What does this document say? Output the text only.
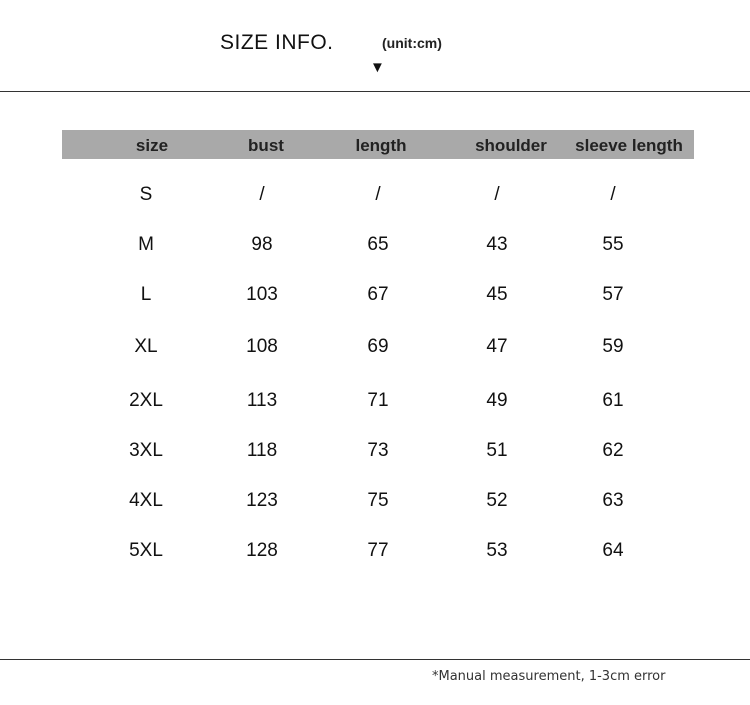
SIZE INFO.	(unit:cm)
▼
size	bust	length	shoulder	sleeve length
S	/	/	/	/
M	98	65	43	55
L	103	67	45	57
XL	108	69	47	59
2XL	113	71	49	61
3XL	118	73	51	62
4XL	123	75	52	63
5XL	128	77	53	64
*Manual measurement, 1-3cm error
